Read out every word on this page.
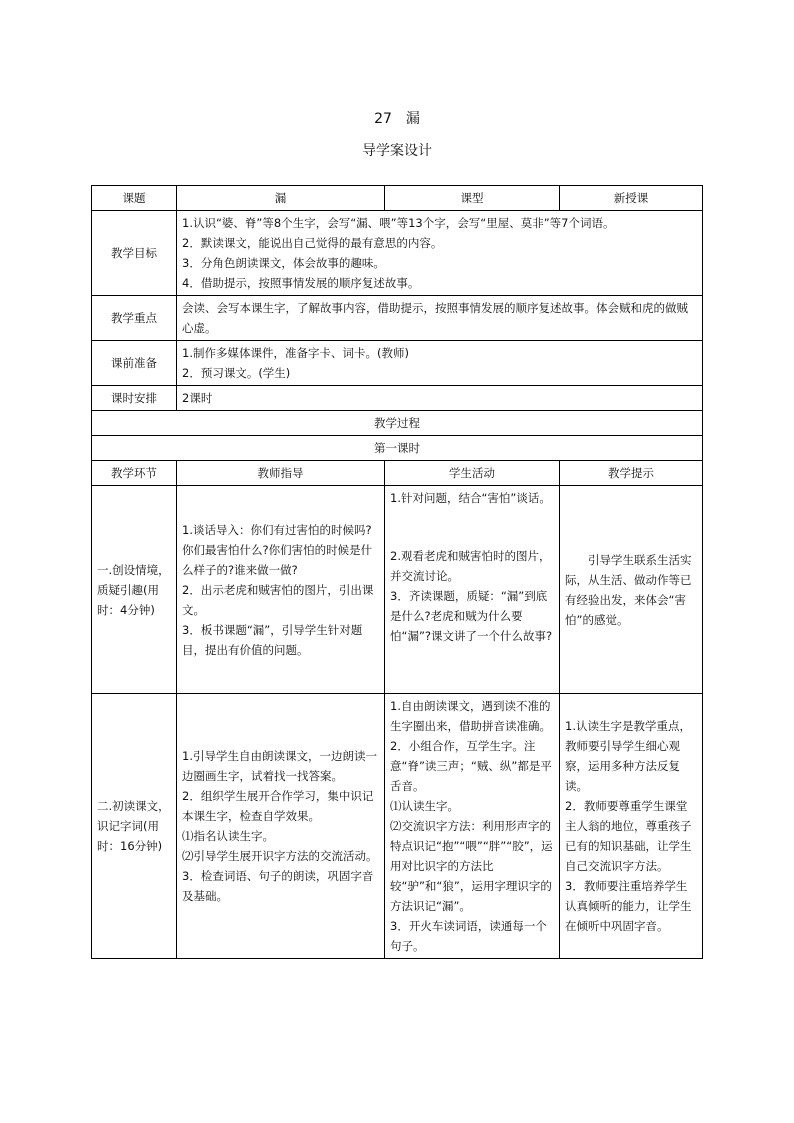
27　漏
导学案设计
课题	漏	课型	新授课
教学目标	1.认识“婆、脊”等8个生字，会写“漏、喂”等13个字，会写“里屋、莫非”等7个词语。
2．默读课文，能说出自己觉得的最有意思的内容。
3．分角色朗读课文，体会故事的趣味。
4．借助提示，按照事情发展的顺序复述故事。		

教学重点	会读、会写本课生字，了解故事内容，借助提示，按照事情发展的顺序复述故事。体会贼和虎的做贼心虚。		
课前准备	1.制作多媒体课件，准备字卡、词卡。(教师)
2．预习课文。(学生)		

课时安排	2课时		
教学过程			
第一课时			
教学环节	教师指导	学生活动	教学提示
一.创设情境，质疑引趣(用时：4分钟)	1.谈话导入：你们有过害怕的时候吗?你们最害怕什么?你们害怕的时候是什么样子的?谁来做一做?
2．出示老虎和贼害怕的图片，引出课文。
3．板书课题“漏”，引导学生针对题目，提出有价值的问题。	1.针对问题，结合“害怕”谈话。
2.观看老虎和贼害怕时的图片，并交流讨论。
3．齐读课题，质疑：“漏”到底是什么?老虎和贼为什么要怕“漏”?课文讲了一个什么故事?	引导学生联系生活实际，从生活、做动作等已有经验出发，来体会“害怕”的感觉。

二.初读课文，识记字词(用时：16分钟)	1.引导学生自由朗读课文，一边朗读一边圈画生字，试着找一找答案。
2．组织学生展开合作学习，集中识记本课生字，检查自学效果。
⑴指名认读生字。
⑵引导学生展开识字方法的交流活动。
3．检查词语、句子的朗读，巩固字音及基础。	1.自由朗读课文，遇到读不准的生字圈出来，借助拼音读准确。
2．小组合作，互学生字。注意“脊”读三声；“贼、纵”都是平舌音。
⑴认读生字。
⑵交流识字方法：利用形声字的特点识记“抱”“喂”“胖”“胶”，运用对比识字的方法比较“驴”和“狼”，运用字理识字的方法识记“漏”。
3．开火车读词语，读通每一个句子。	1.认读生字是教学重点，教师要引导学生细心观察，运用多种方法反复读。
2．教师要尊重学生课堂主人翁的地位，尊重孩子已有的知识基础，让学生自己交流识字方法。
3．教师要注重培养学生认真倾听的能力，让学生在倾听中巩固字音。
